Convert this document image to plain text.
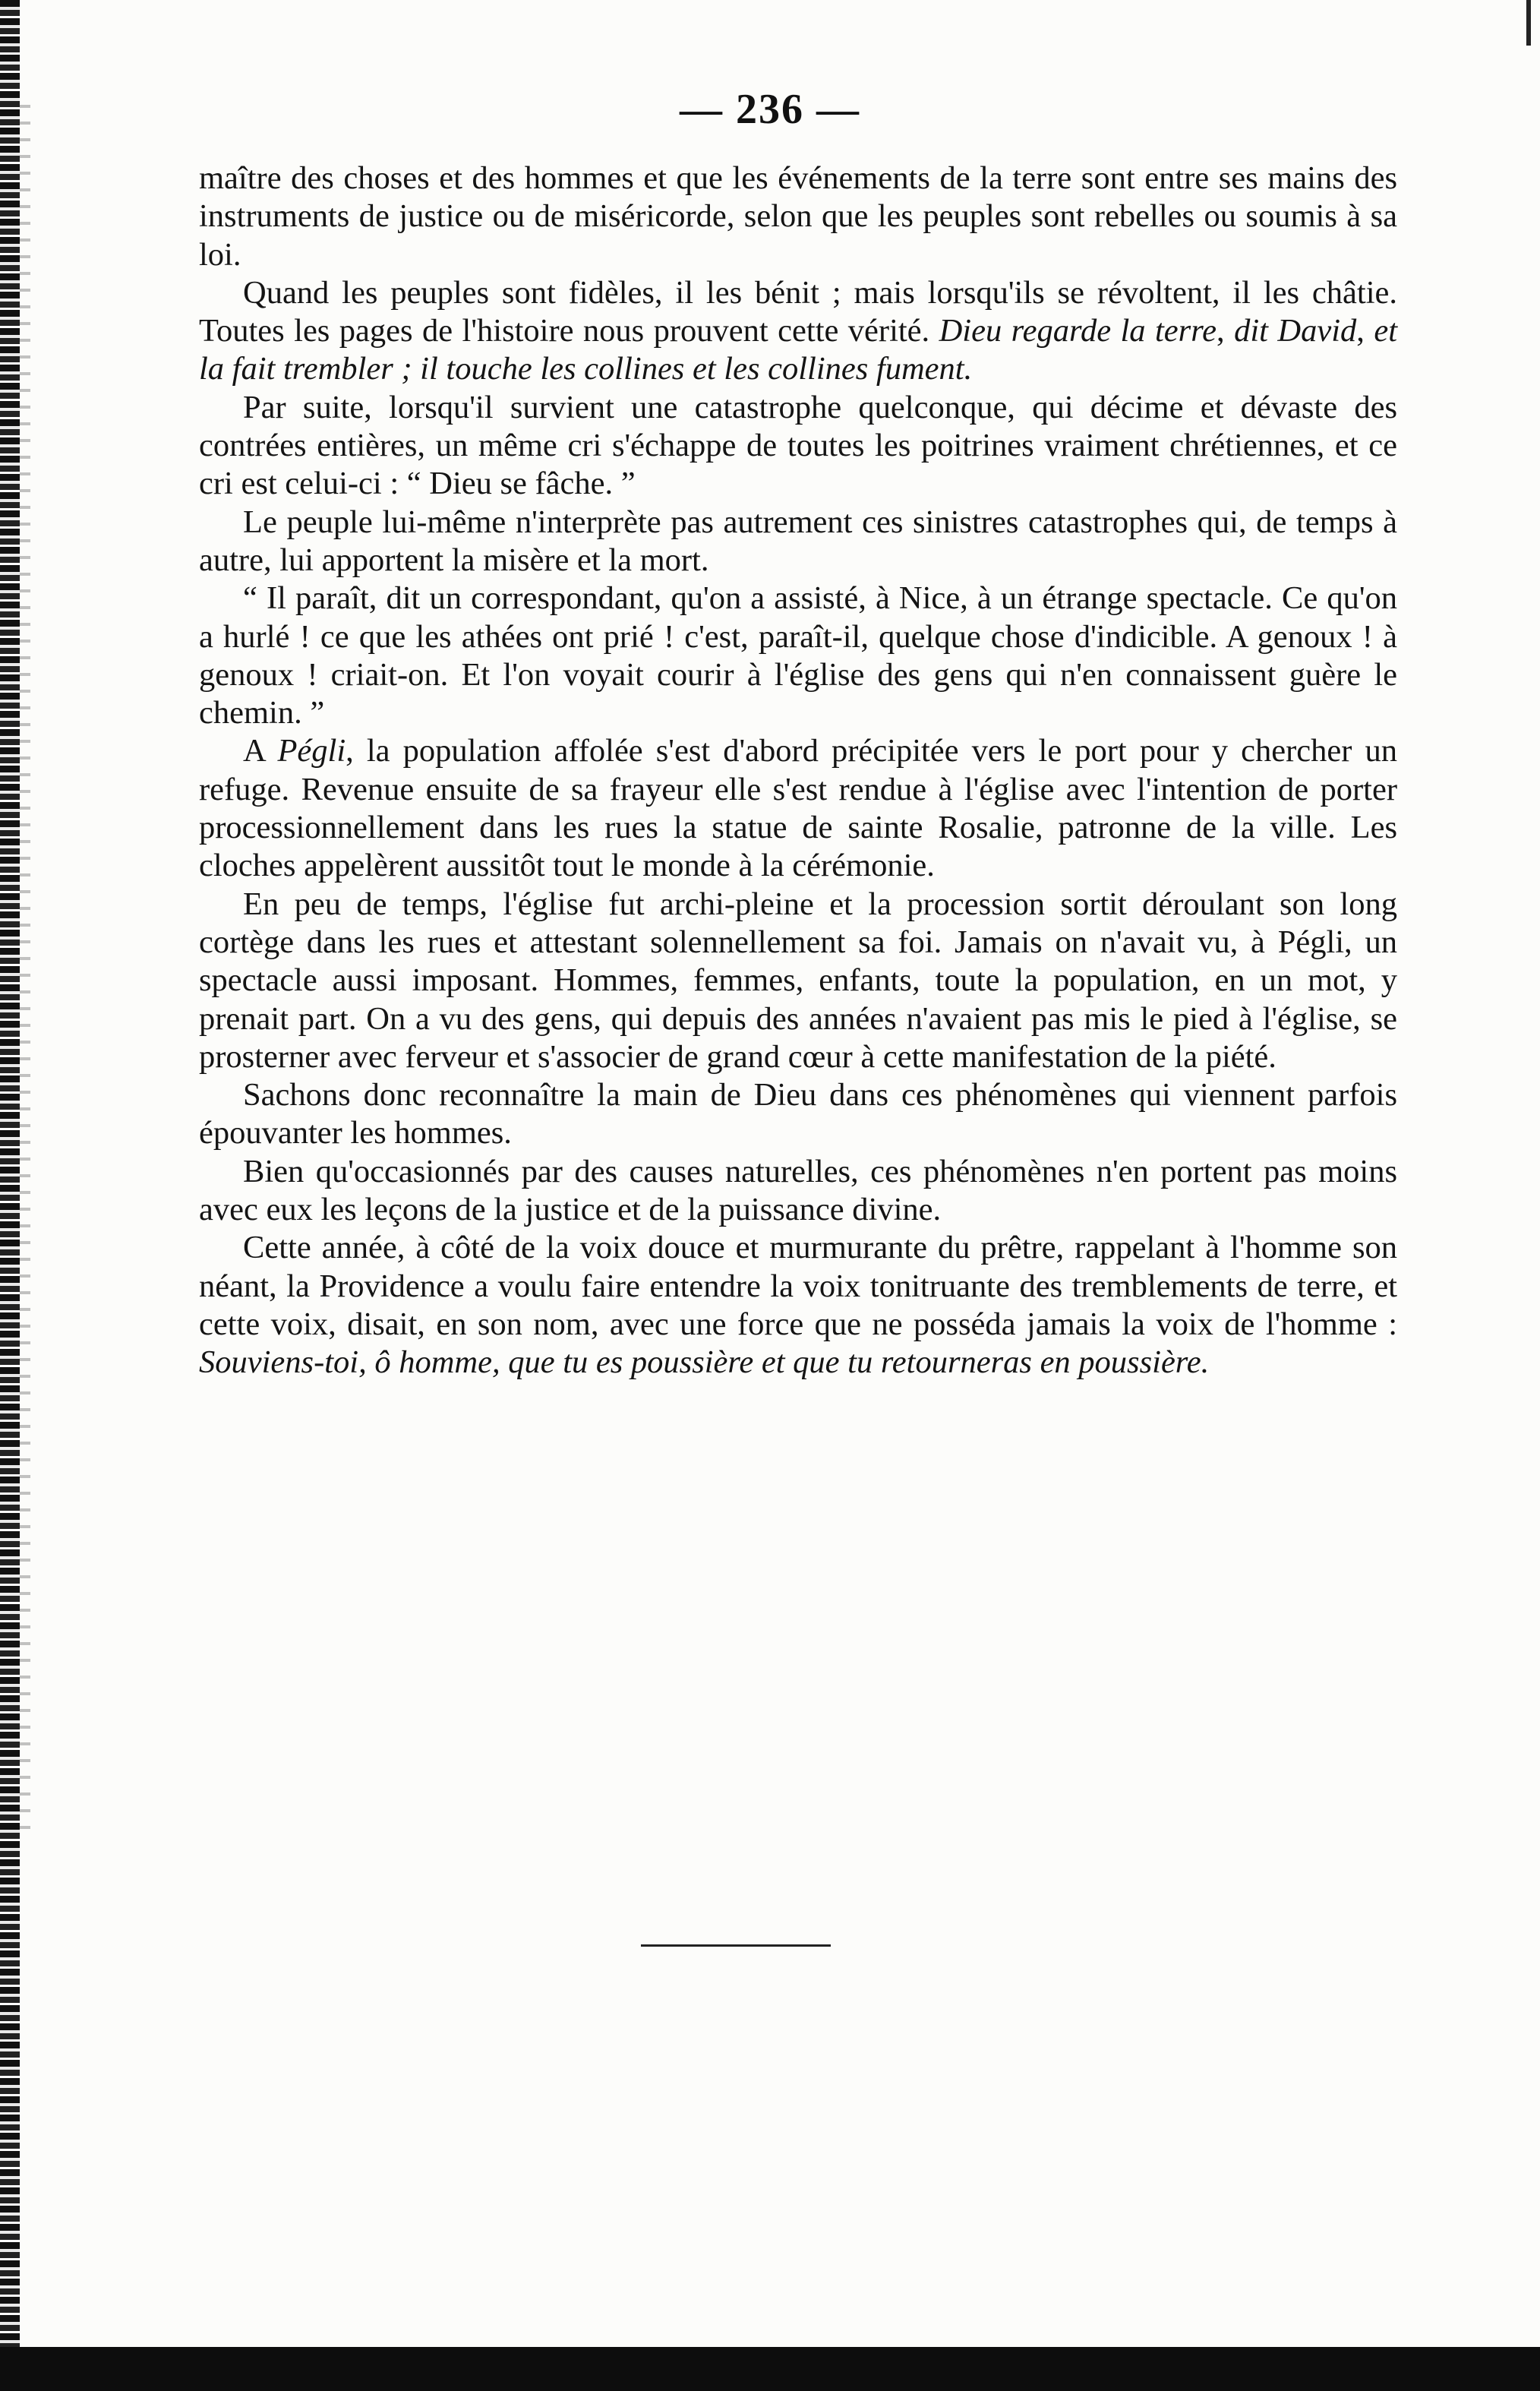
— 236 —

maître des choses et des hommes et que les événements de la terre sont entre ses mains des instruments de justice ou de miséricorde, selon que les peuples sont rebelles ou soumis à sa loi.

Quand les peuples sont fidèles, il les bénit ; mais lorsqu'ils se révoltent, il les châtie. Toutes les pages de l'histoire nous prouvent cette vérité. Dieu regarde la terre, dit David, et la fait trembler ; il touche les collines et les collines fument.

Par suite, lorsqu'il survient une catastrophe quelconque, qui décime et dévaste des contrées entières, un même cri s'échappe de toutes les poitrines vraiment chrétiennes, et ce cri est celui-ci : “ Dieu se fâche. ”

Le peuple lui-même n'interprète pas autrement ces sinistres catastrophes qui, de temps à autre, lui apportent la misère et la mort.

“ Il paraît, dit un correspondant, qu'on a assisté, à Nice, à un étrange spectacle. Ce qu'on a hurlé ! ce que les athées ont prié ! c'est, paraît-il, quelque chose d'indicible. A genoux ! à genoux ! criait-on. Et l'on voyait courir à l'église des gens qui n'en connaissent guère le chemin. ”

A Pégli, la population affolée s'est d'abord précipitée vers le port pour y chercher un refuge. Revenue ensuite de sa frayeur elle s'est rendue à l'église avec l'intention de porter processionnellement dans les rues la statue de sainte Rosalie, patronne de la ville. Les cloches appelèrent aussitôt tout le monde à la cérémonie.

En peu de temps, l'église fut archi-pleine et la procession sortit déroulant son long cortège dans les rues et attestant solennellement sa foi. Jamais on n'avait vu, à Pégli, un spectacle aussi imposant. Hommes, femmes, enfants, toute la population, en un mot, y prenait part. On a vu des gens, qui depuis des années n'avaient pas mis le pied à l'église, se prosterner avec ferveur et s'associer de grand cœur à cette manifestation de la piété.

Sachons donc reconnaître la main de Dieu dans ces phénomènes qui viennent parfois épouvanter les hommes.

Bien qu'occasionnés par des causes naturelles, ces phénomènes n'en portent pas moins avec eux les leçons de la justice et de la puissance divine.

Cette année, à côté de la voix douce et murmurante du prêtre, rappelant à l'homme son néant, la Providence a voulu faire entendre la voix tonitruante des tremblements de terre, et cette voix, disait, en son nom, avec une force que ne posséda jamais la voix de l'homme : Souviens-toi, ô homme, que tu es poussière et que tu retourneras en poussière.
